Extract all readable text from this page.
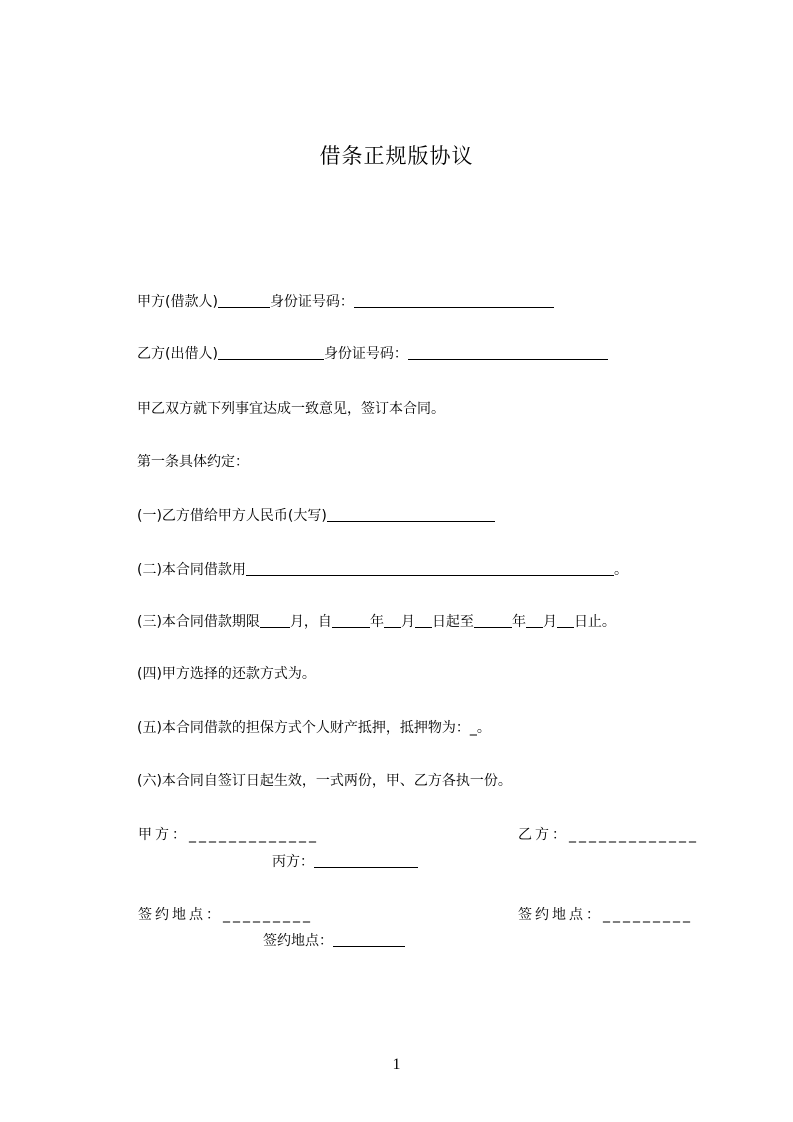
借条正规版协议
甲方(借款人)	身份证号码：
乙方(出借人)	身份证号码：
甲乙双方就下列事宜达成一致意见，签订本合同。
第一条具体约定：
(一)乙方借给甲方人民币(大写)
(二)本合同借款用	。
(三)本合同借款期限 月，自	年 月 日起至	年 月 日止。
(四)甲方选择的还款方式为。
(五)本合同借款的担保方式个人财产抵押，抵押物为：_。
(六)本合同自签订日起生效，一式两份，甲、乙方各执一份。
甲方：_____________	乙方：_____________
丙方：
签约地点：_________	签约地点：_________
签约地点：
1
